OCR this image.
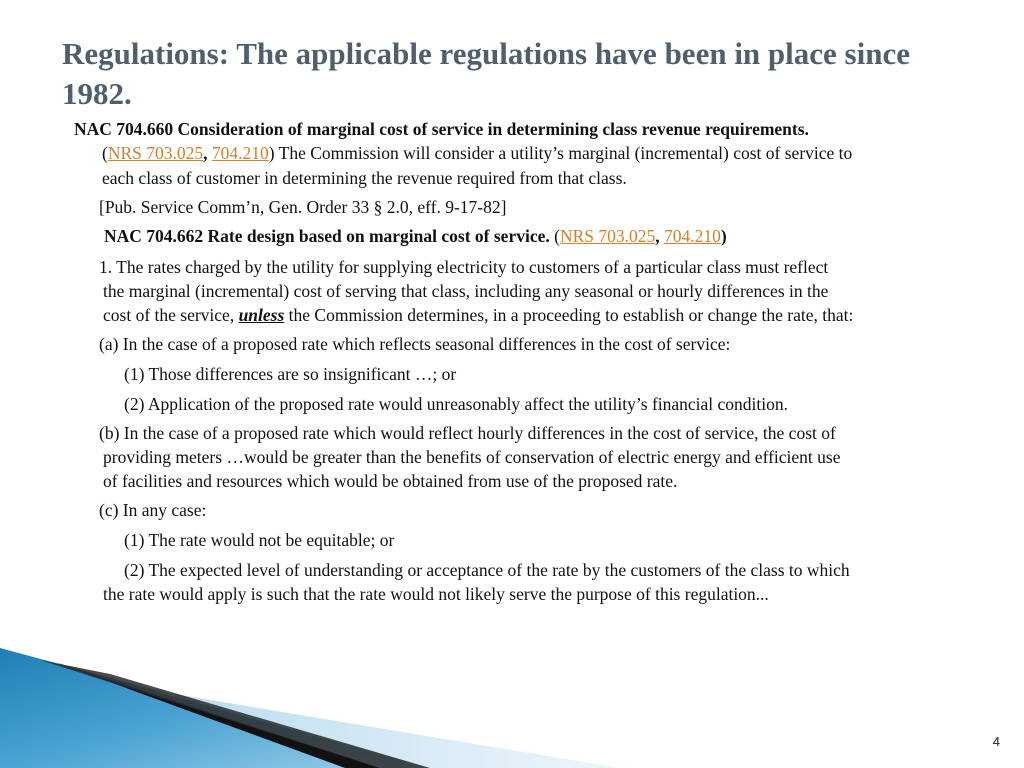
Regulations: The applicable regulations have been in place since 1982.
NAC 704.660 Consideration of marginal cost of service in determining class revenue requirements.
(NRS 703.025, 704.210) The Commission will consider a utility’s marginal (incremental) cost of service to
each class of customer in determining the revenue required from that class.
[Pub. Service Comm’n, Gen. Order 33 § 2.0, eff. 9-17-82]
NAC 704.662 Rate design based on marginal cost of service. (NRS 703.025, 704.210)
1. The rates charged by the utility for supplying electricity to customers of a particular class must reflect
the marginal (incremental) cost of serving that class, including any seasonal or hourly differences in the
cost of the service, unless the Commission determines, in a proceeding to establish or change the rate, that:
(a) In the case of a proposed rate which reflects seasonal differences in the cost of service:
(1) Those differences are so insignificant …; or
(2) Application of the proposed rate would unreasonably affect the utility’s financial condition.
(b) In the case of a proposed rate which would reflect hourly differences in the cost of service, the cost of
providing meters …would be greater than the benefits of conservation of electric energy and efficient use
of facilities and resources which would be obtained from use of the proposed rate.
(c) In any case:
(1) The rate would not be equitable; or
(2) The expected level of understanding or acceptance of the rate by the customers of the class to which
the rate would apply is such that the rate would not likely serve the purpose of this regulation...
4
